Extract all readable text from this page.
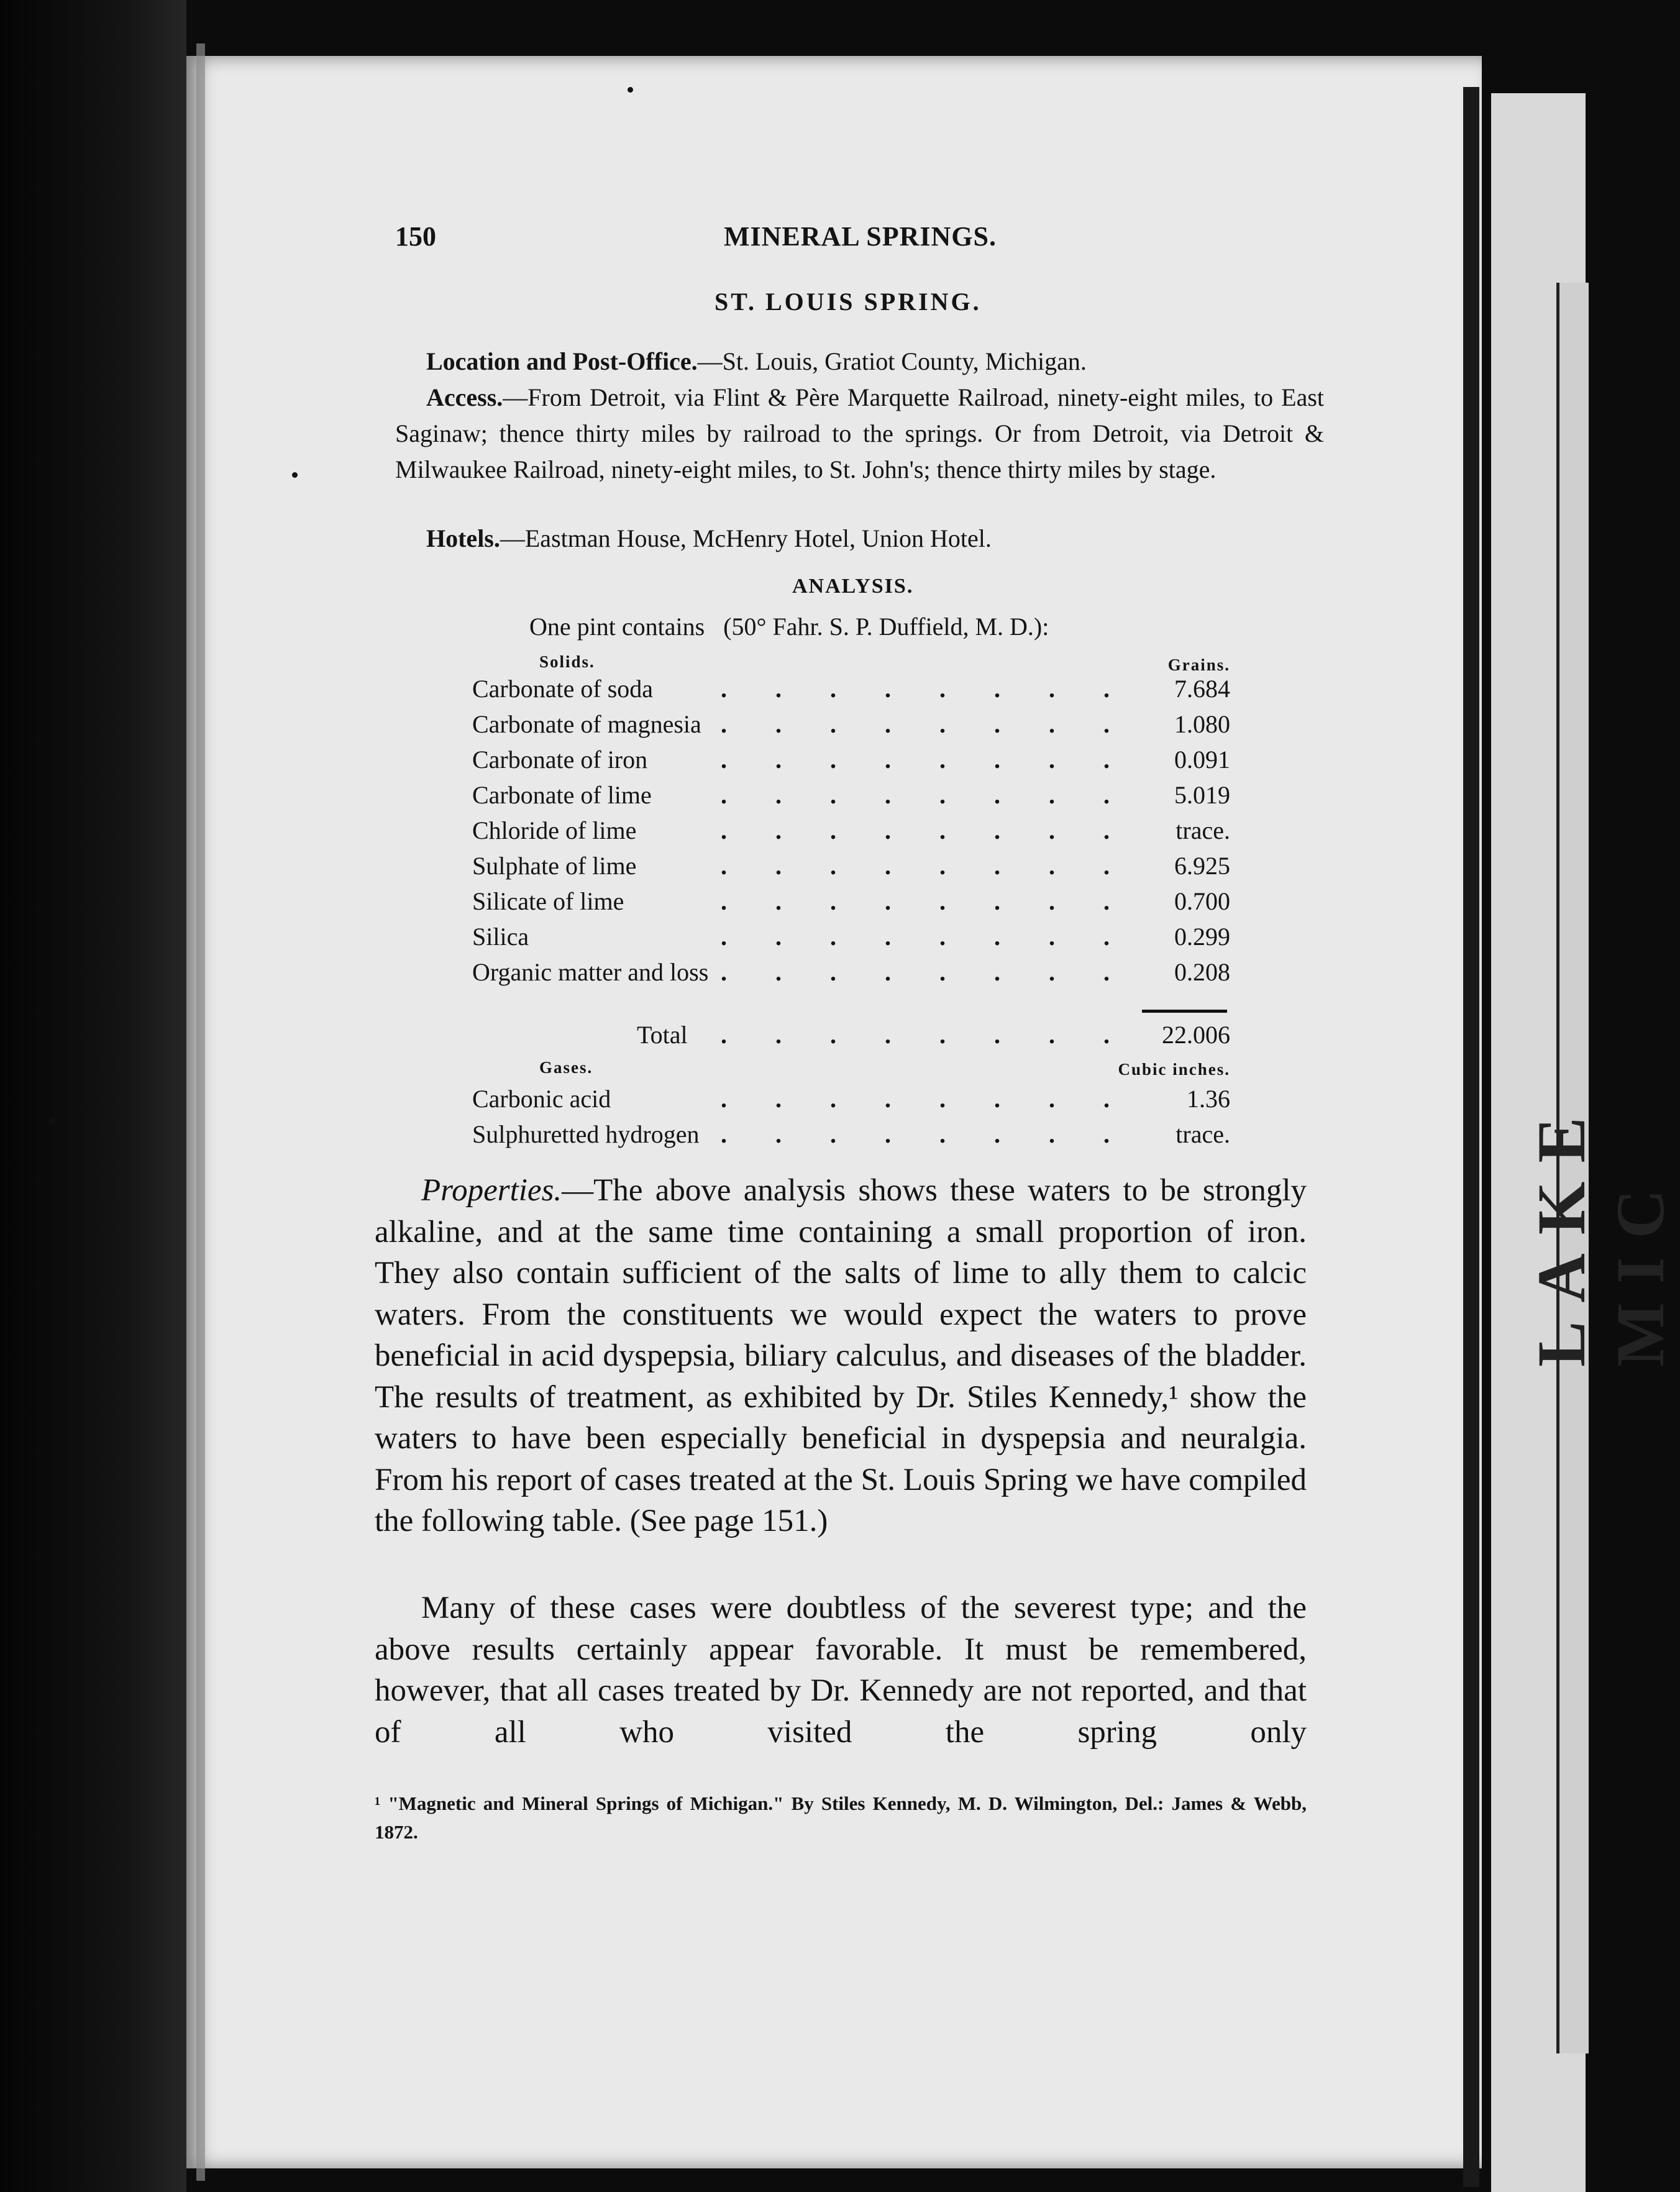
LAKE MIC
150	MINERAL SPRINGS.
ST. LOUIS SPRING.
Location and Post-Office.—St. Louis, Gratiot County, Michigan.
Access.—From Detroit, via Flint & Père Marquette Railroad, ninety-eight miles, to East Saginaw; thence thirty miles by railroad to the springs. Or from Detroit, via Detroit & Milwaukee Railroad, ninety-eight miles, to St. John's; thence thirty miles by stage.
Hotels.—Eastman House, McHenry Hotel, Union Hotel.
ANALYSIS.
One pint contains   (50° Fahr. S. P. Duffield, M. D.):
Solids.	Grains.
Carbonate of soda	. . . . . . . . 7.684
Carbonate of magnesia . . . . . . . . 1.080
Carbonate of iron	. . . . . . . . 0.091
Carbonate of lime	. . . . . . . . 5.019
Chloride of lime	. . . . . . . . trace.
Sulphate of lime	. . . . . . . . 6.925
Silicate of lime	. . . . . . . . 0.700
Silica	. . . . . . . . 0.299
Organic matter and loss . . . . . . . . 0.208
Total	. . . . . . . . 22.006
Gases.	Cubic inches.
Carbonic acid	. . . . . . . . 1.36
Sulphuretted hydrogen . . . . . . . . trace.
Properties.—The above analysis shows these waters to be strongly alkaline, and at the same time containing a small proportion of iron. They also contain sufficient of the salts of lime to ally them to calcic waters. From the constituents we would expect the waters to prove beneficial in acid dyspepsia, biliary calculus, and diseases of the bladder. The results of treatment, as exhibited by Dr. Stiles Kennedy,¹ show the waters to have been especially beneficial in dyspepsia and neuralgia. From his report of cases treated at the St. Louis Spring we have compiled the following table. (See page 151.)
Many of these cases were doubtless of the severest type; and the above results certainly appear favorable. It must be remembered, however, that all cases treated by Dr. Kennedy are not reported, and that of all who visited the spring only
¹ "Magnetic and Mineral Springs of Michigan." By Stiles Kennedy, M. D. Wilmington, Del.: James & Webb, 1872.
